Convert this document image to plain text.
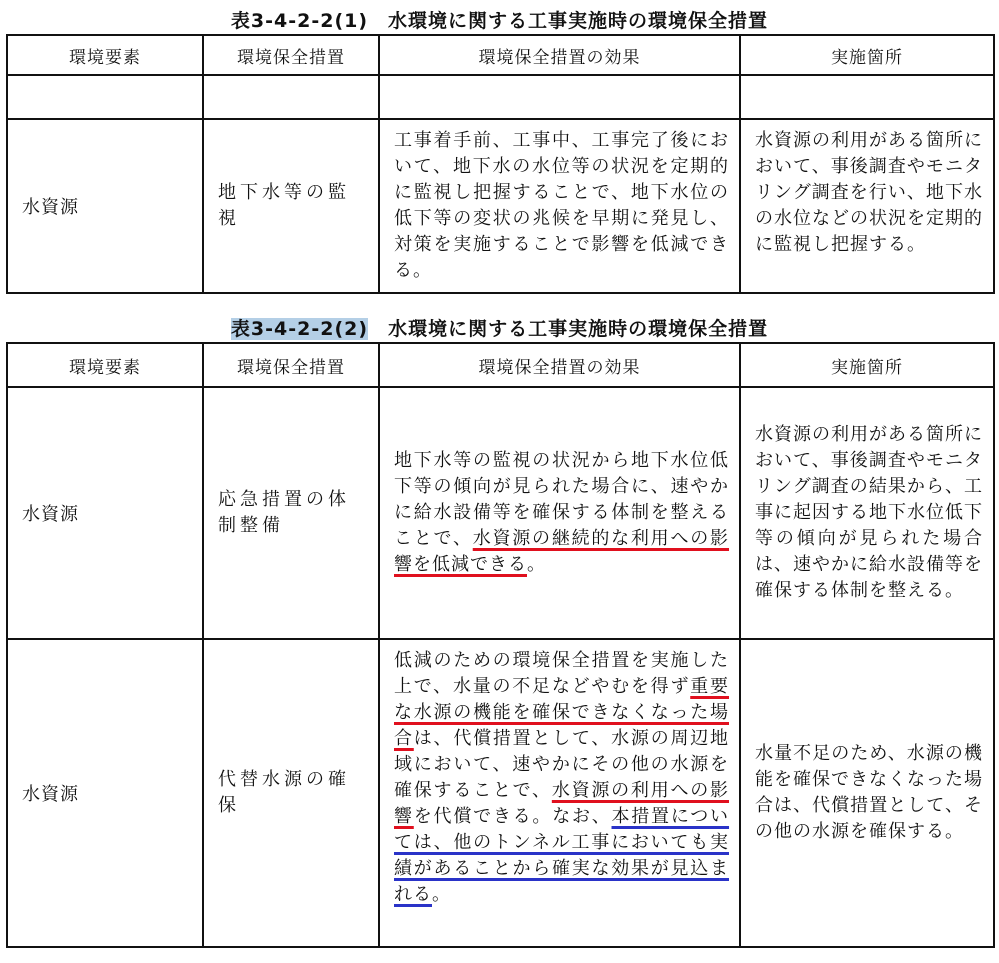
表3-4-2-2(1)　水環境に関する工事実施時の環境保全措置
環境要素	環境保全措置	環境保全措置の効果	実施箇所

水資源	地下水等の監視	工事着手前、工事中、工事完了後において、地下水の水位等の状況を定期的に監視し把握することで、地下水位の低下等の変状の兆候を早期に発見し、対策を実施することで影響を低減できる。	水資源の利用がある箇所において、事後調査やモニタリング調査を行い、地下水の水位などの状況を定期的に監視し把握する。
表3-4-2-2(2)　水環境に関する工事実施時の環境保全措置
環境要素	環境保全措置	環境保全措置の効果	実施箇所
水資源	応急措置の体制整備	地下水等の監視の状況から地下水位低下等の傾向が見られた場合に、速やかに給水設備等を確保する体制を整えることで、水資源の継続的な利用への影響を低減できる。	水資源の利用がある箇所において、事後調査やモニタリング調査の結果から、工事に起因する地下水位低下等の傾向が見られた場合は、速やかに給水設備等を確保する体制を整える。
水資源	代替水源の確保	低減のための環境保全措置を実施した上で、水量の不足などやむを得ず重要な水源の機能を確保できなくなった場合は、代償措置として、水源の周辺地域において、速やかにその他の水源を確保することで、水資源の利用への影響を代償できる。なお、本措置については、他のトンネル工事においても実績があることから確実な効果が見込まれる。	水量不足のため、水源の機能を確保できなくなった場合は、代償措置として、その他の水源を確保する。
